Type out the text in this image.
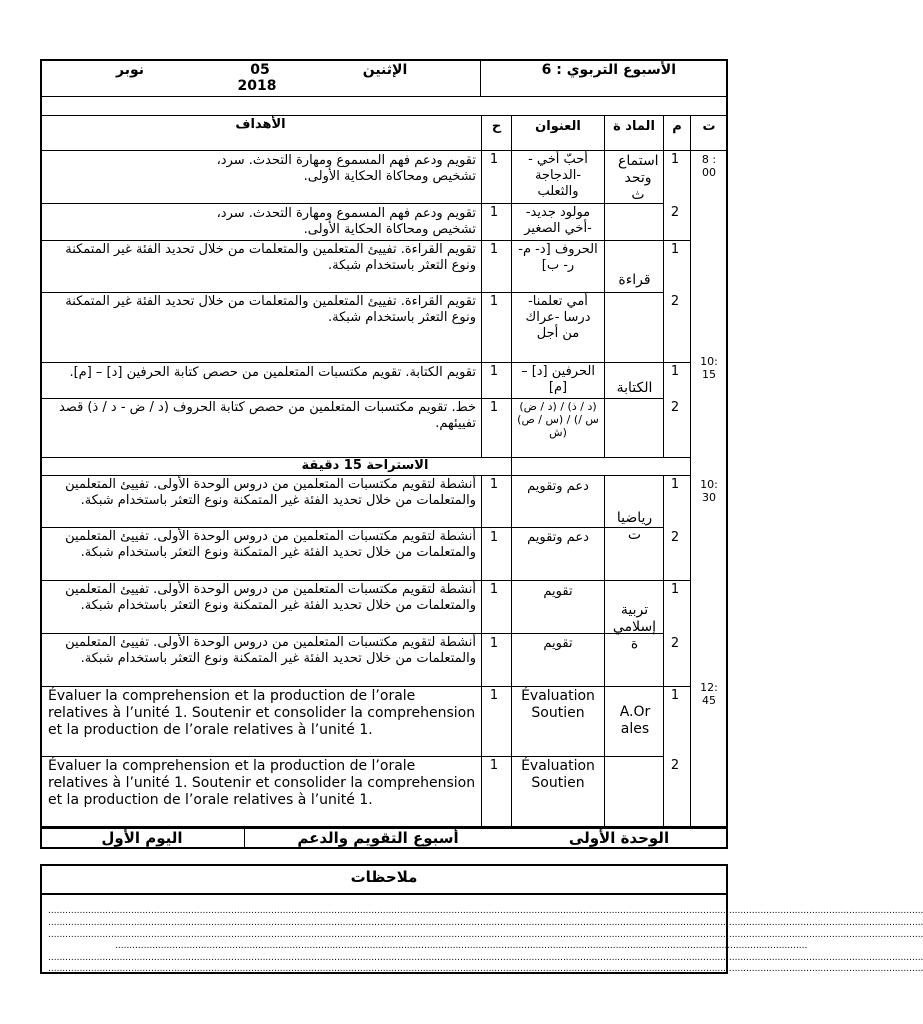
الأسبوع التربوي : 6
الإثنين
05
نوبر
2018
ت
م
الماد ة
العنوان
ح
الأهداف
8 : 00
10: 15
10: 30
12: 45
استماع وتحد ث
قراءة
الكتابة
رياضيا ت
تربية إسلامي ة
A.Or ales
1
- أحبّ أخي -الدجاجة والثعلب
1
تقويم ودعم فهم المسموع ومهارة التحدث. سرد، تشخيص ومحاكاة الحكاية الأولى.
2
-مولود جديد -أخي الصغير
1
تقويم ودعم فهم المسموع ومهارة التحدث. سرد، تشخيص ومحاكاة الحكاية الأولى.
1
الحروف [د- م- ر- ب]
1
تقويم القراءة. تفييئ المتعلمين والمتعلمات من خلال تحديد الفئة غير المتمكنة ونوع التعثر باستخدام شبكة.
2
-أمي تعلمنا درسا -عراك من أجل
1
تقويم القراءة. تفييئ المتعلمين والمتعلمات من خلال تحديد الفئة غير المتمكنة ونوع التعثر باستخدام شبكة.
1
الحرفين [د] – [م]
1
تقويم الكتابة. تقويم مكتسبات المتعلمين من حصص كتابة الحرفين [د] – [م].
2
(د / ض) / (د / ذ) (س / ص) / (س / ش)
1
خط. تقويم مكتسبات المتعلمين من حصص كتابة الحروف (د / ض - د / ذ) قصد تفييئهم.
الاستراحة 15 دقيقة
1
دعم وتقويم
1
أنشطة لتقويم مكتسبات المتعلمين من دروس الوحدة الأولى. تفييئ المتعلمين والمتعلمات من خلال تحديد الفئة غير المتمكنة ونوع التعثر باستخدام شبكة.
2
دعم وتقويم
1
أنشطة لتقويم مكتسبات المتعلمين من دروس الوحدة الأولى. تفييئ المتعلمين والمتعلمات من خلال تحديد الفئة غير المتمكنة ونوع التعثر باستخدام شبكة.
1
تقويم
1
أنشطة لتقويم مكتسبات المتعلمين من دروس الوحدة الأولى. تفييئ المتعلمين والمتعلمات من خلال تحديد الفئة غير المتمكنة ونوع التعثر باستخدام شبكة.
2
تقويم
1
أنشطة لتقويم مكتسبات المتعلمين من دروس الوحدة الأولى. تفييئ المتعلمين والمتعلمات من خلال تحديد الفئة غير المتمكنة ونوع التعثر باستخدام شبكة.
1
Évaluation Soutien
1
Évaluer la comprehension et la production de l’orale relatives à l’unité 1. Soutenir et consolider la comprehension et la production de l’orale relatives à l’unité 1.
2
Évaluation Soutien
1
Évaluer la comprehension et la production de l’orale relatives à l’unité 1. Soutenir et consolider la comprehension et la production de l’orale relatives à l’unité 1.
الوحدة الأولى
أسبوع التقويم والدعم
اليوم الأول
ملاحظات
..................................................................................................................................................................................................................................................................................................................
..................................................................................................................................................................................................................................................................................................................
..................................................................................................................................................................................................................................................................................................................
..................................................................................................................................................................................................................................................
..................................................................................................................................................................................................................................................................................................................
..................................................................................................................................................................................................................................................................................................................
